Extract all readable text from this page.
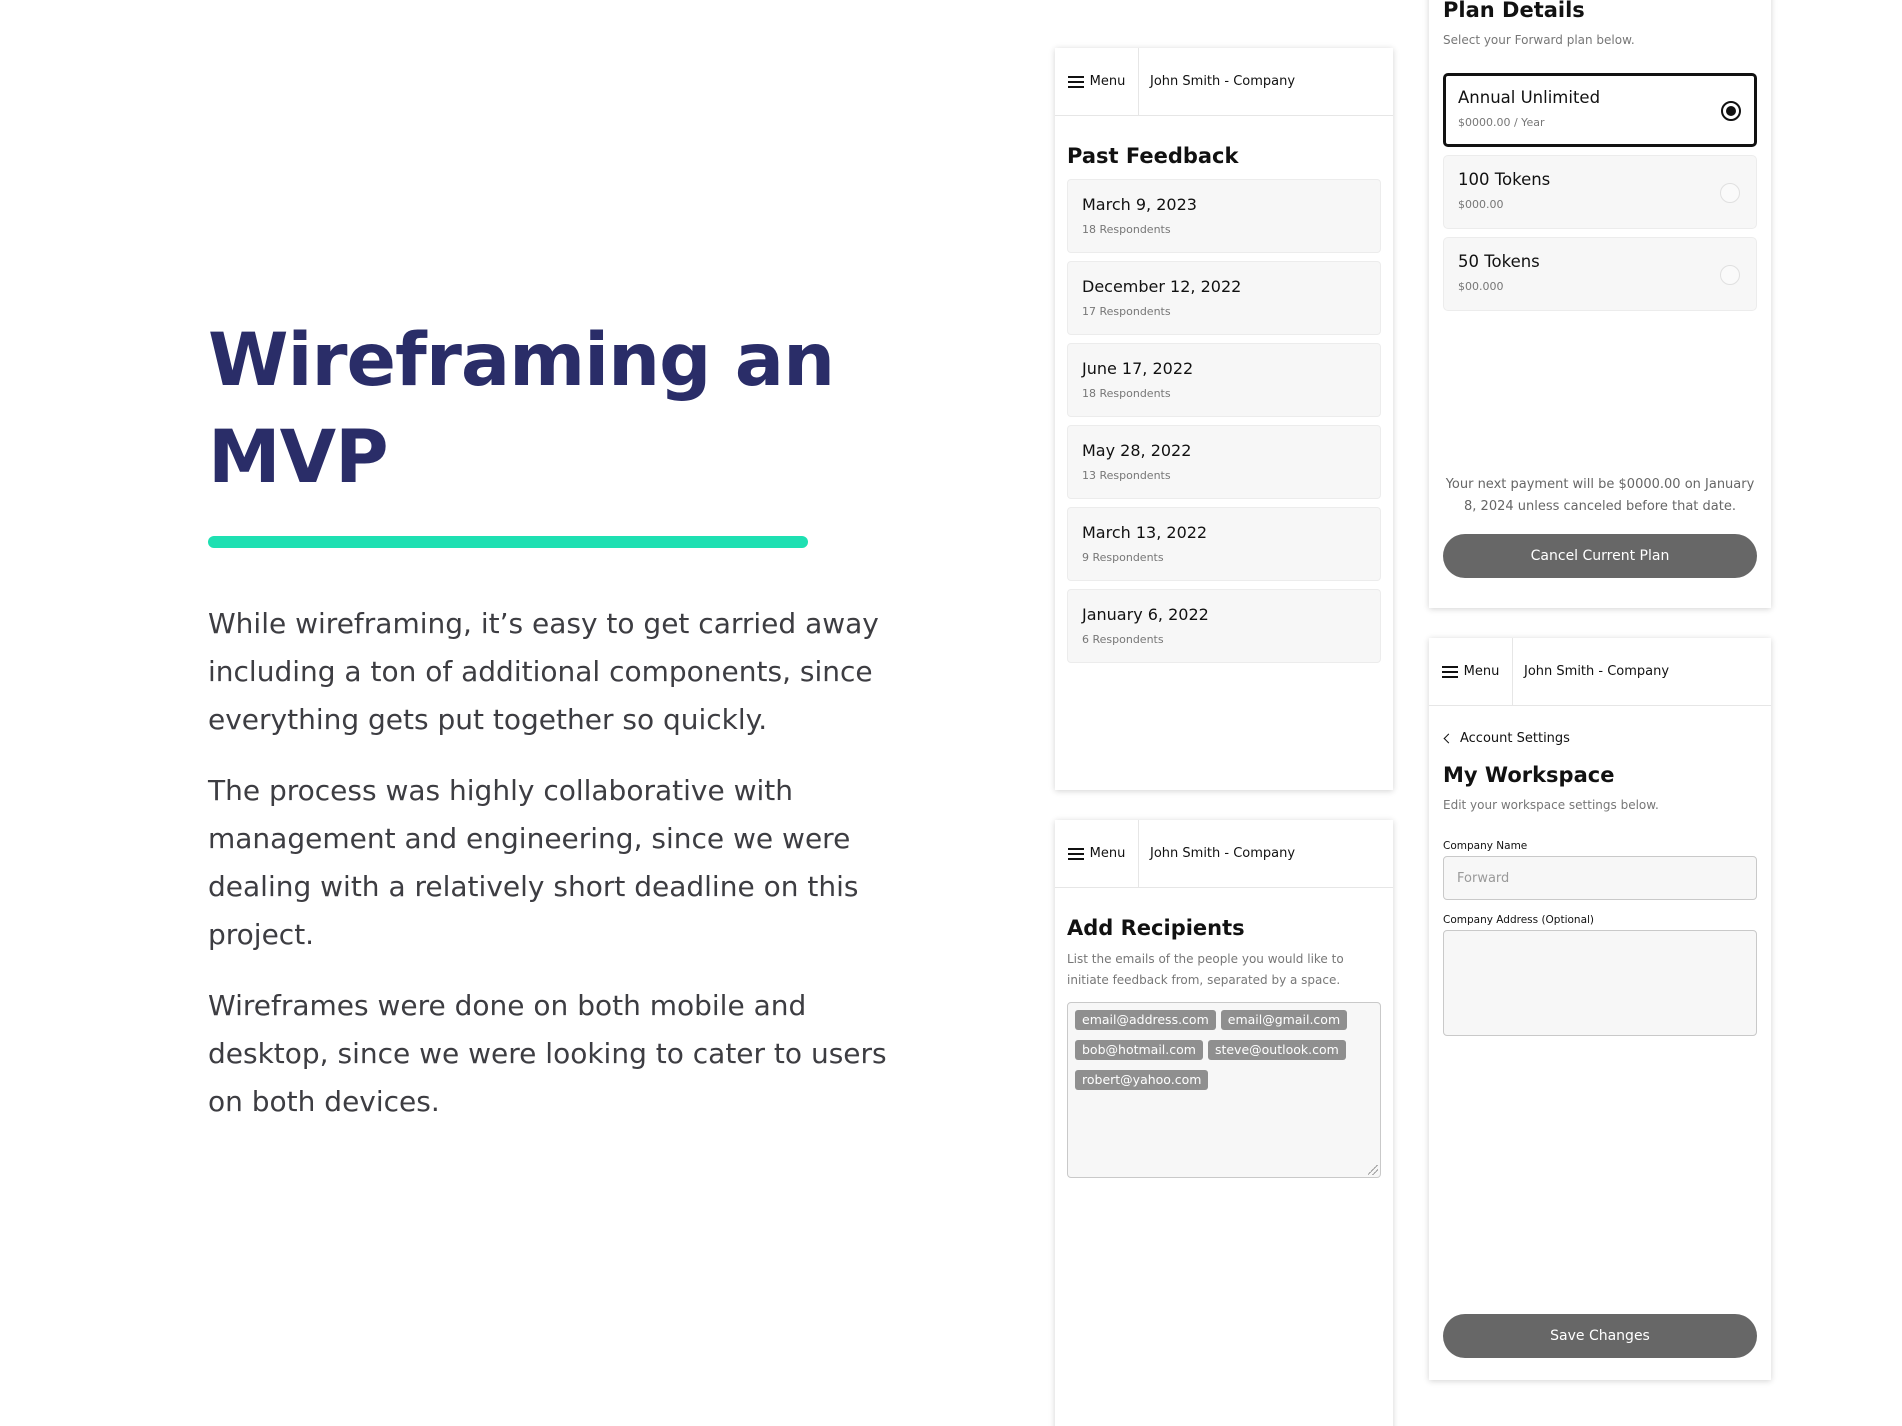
Wireframing an
MVP

While wireframing, it’s easy to get carried away including a ton of additional components, since everything gets put together so quickly.

The process was highly collaborative with management and engineering, since we were dealing with a relatively short deadline on this project.

Wireframes were done on both mobile and desktop, since we were looking to cater to users on both devices.

Menu	John Smith - Company
Past Feedback
March 9, 2023
18 Respondents
December 12, 2022
17 Respondents
June 17, 2022
18 Respondents
May 28, 2022
13 Respondents
March 13, 2022
9 Respondents
January 6, 2022
6 Respondents
Menu	John Smith - Company
Add Recipients
List the emails of the people you would like to initiate feedback from, separated by a space.
email@address.com email@gmail.com
bob@hotmail.com steve@outlook.com
robert@yahoo.com
Plan Details
Select your Forward plan below.
Annual Unlimited
$0000.00 / Year
100 Tokens
$000.00
50 Tokens
$00.000
Your next payment will be $0000.00 on January 8, 2024 unless canceled before that date.
Cancel Current Plan
Menu	John Smith - Company
Account Settings
My Workspace
Edit your workspace settings below.
Company Name
Forward
Company Address (Optional)
Save Changes
